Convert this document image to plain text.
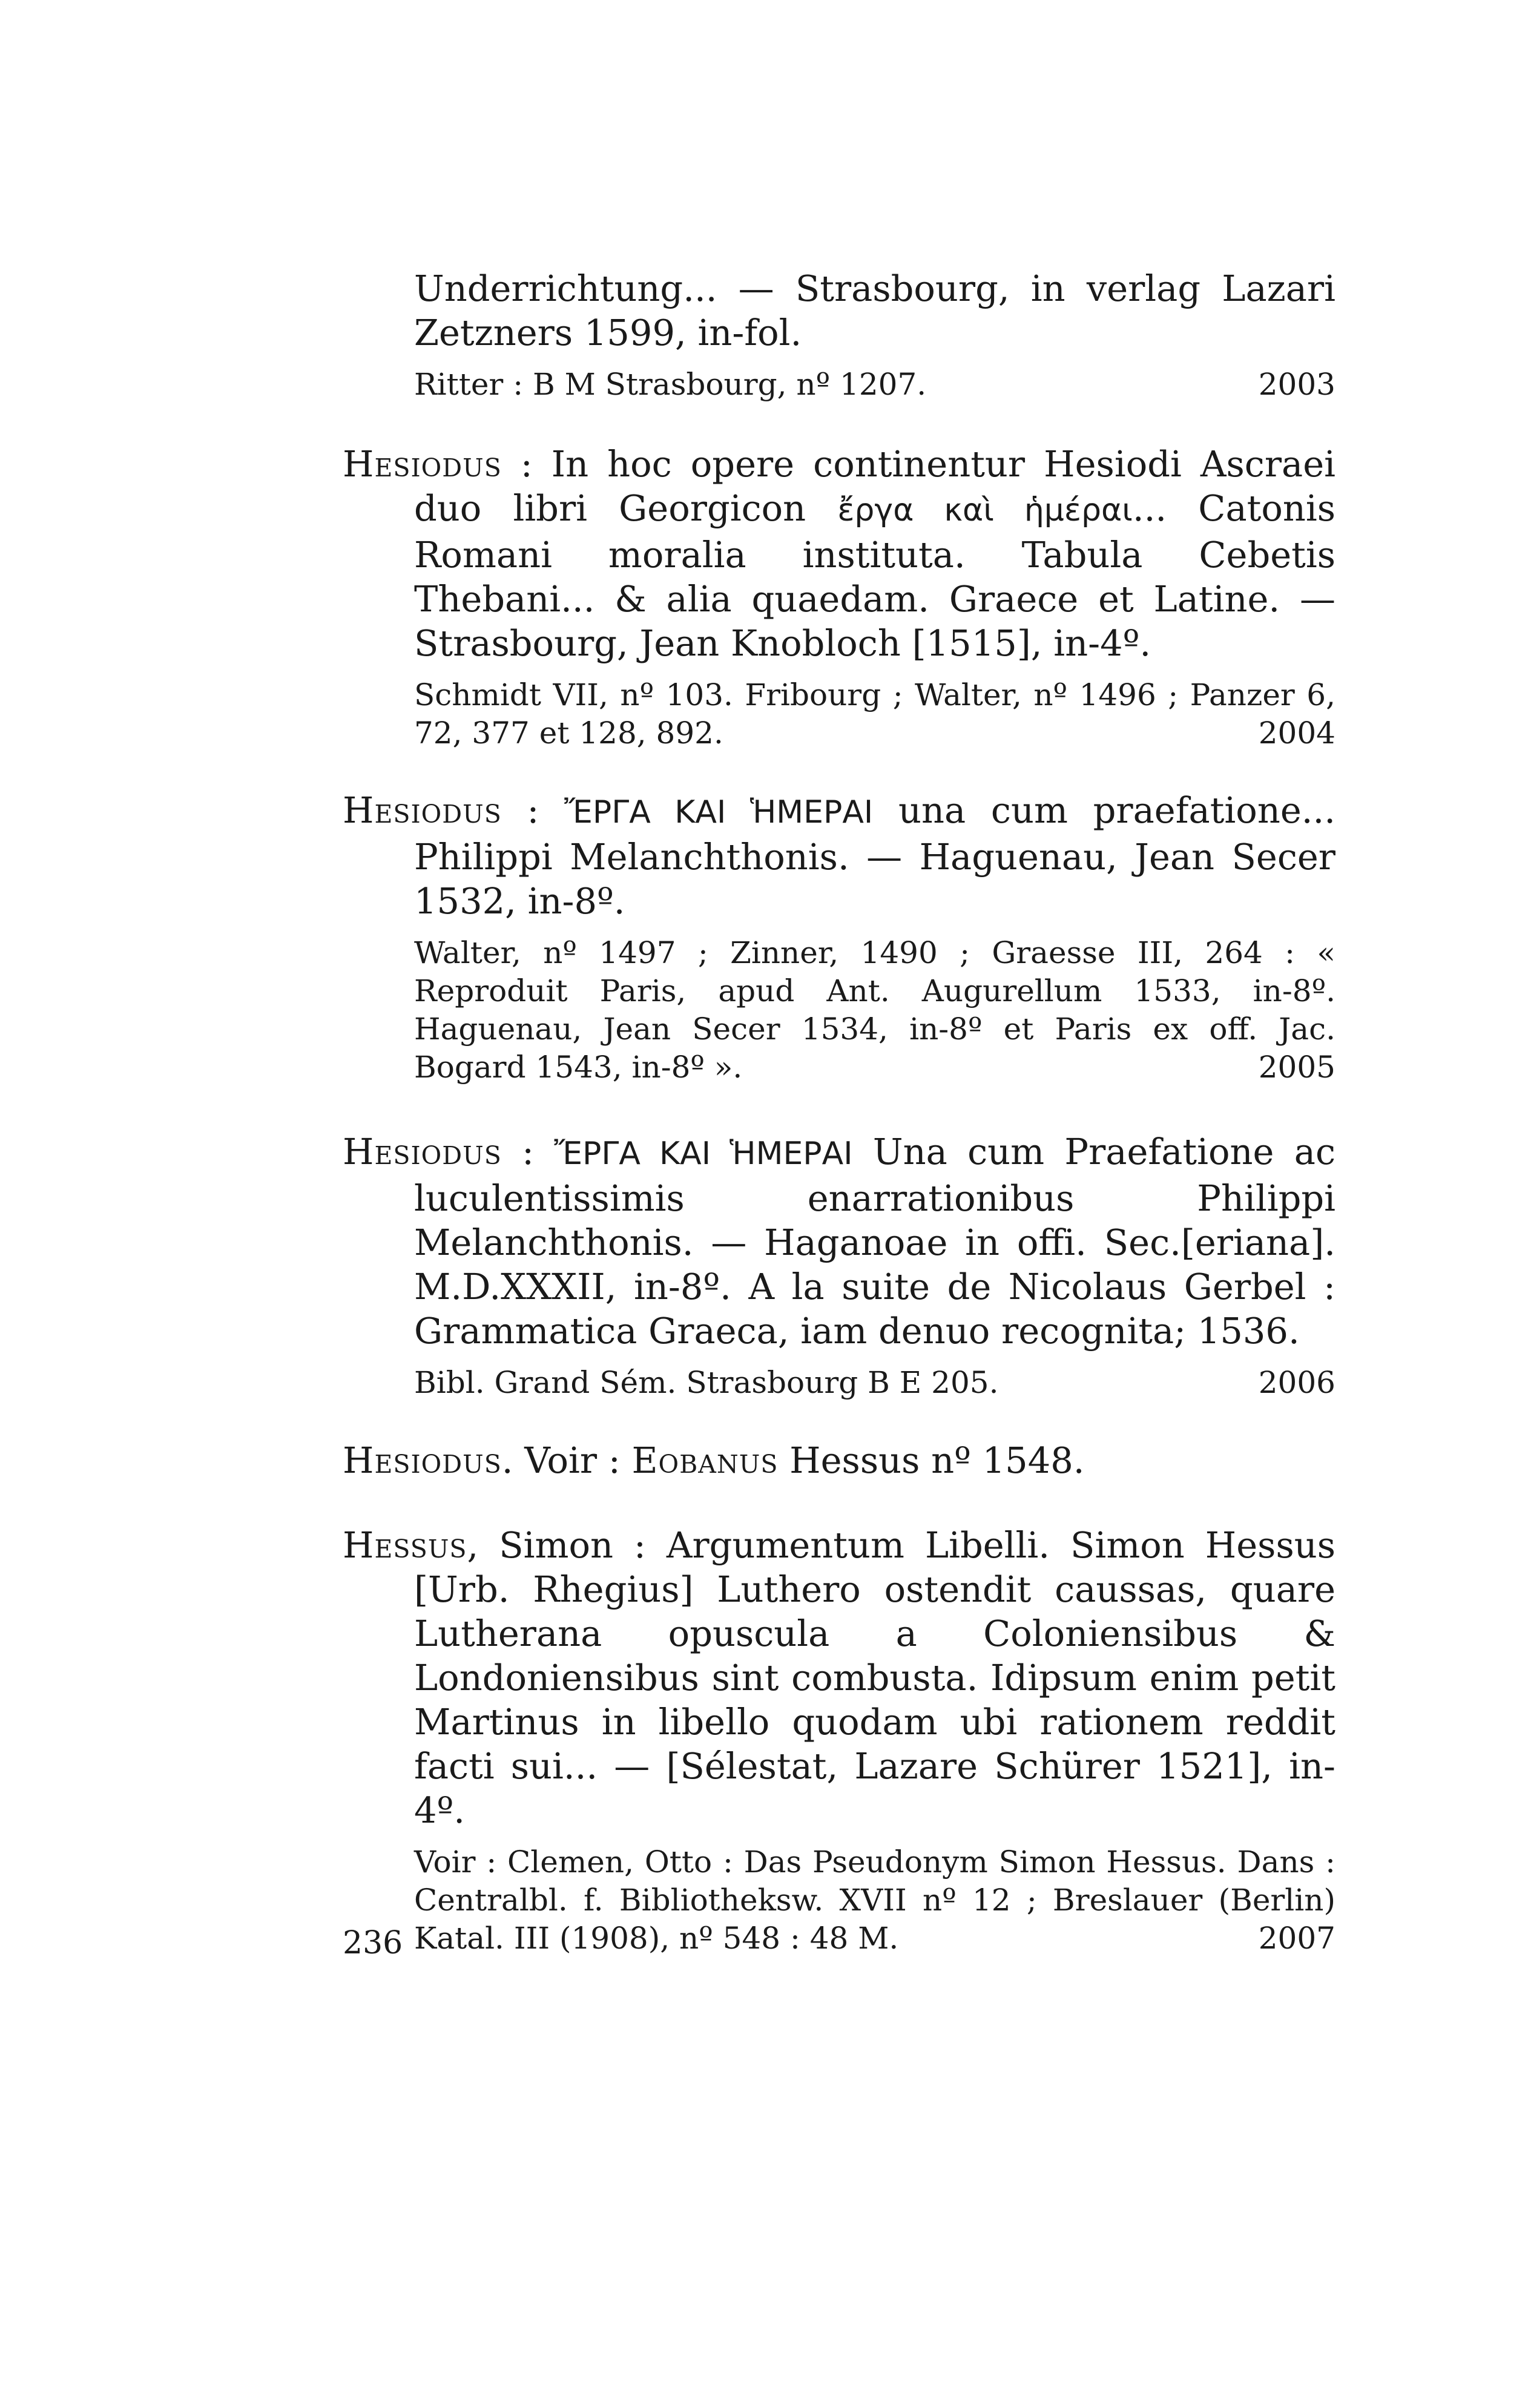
Underrichtung... — Strasbourg, in verlag Lazari Zetzners 1599, in-fol.

Ritter : B M Strasbourg, nº 1207.	2003

Hesiodus : In hoc opere continentur Hesiodi Ascraei duo libri Georgicon ἔργα καὶ ἡμέραι... Catonis Romani moralia instituta. Tabula Cebetis Thebani... & alia quaedam. Graece et Latine. — Strasbourg, Jean Knobloch [1515], in-4º.

Schmidt VII, nº 103. Fribourg ; Walter, nº 1496 ; Panzer 6, 72, 377 et 128, 892.	2004

Hesiodus : ἜΡΓΑ ΚΑΙ ἩΜΕΡΑΙ una cum praefatione... Philippi Melanchthonis. — Haguenau, Jean Secer 1532, in-8º.

Walter, nº 1497 ; Zinner, 1490 ; Graesse III, 264 : « Reproduit Paris, apud Ant. Augurellum 1533, in-8º. Haguenau, Jean Secer 1534, in-8º et Paris ex off. Jac. Bogard 1543, in-8º ».	2005

Hesiodus : ἜΡΓΑ ΚΑΙ ἩΜΕΡΑΙ Una cum Praefatione ac luculentissimis enarrationibus Philippi Melanchthonis. — Haganoae in offi. Sec.[eriana]. M.D.XXXII, in-8º. A la suite de Nicolaus Gerbel : Grammatica Graeca, iam denuo recognita; 1536.

Bibl. Grand Sém. Strasbourg B E 205.	2006

Hesiodus. Voir : Eobanus Hessus nº 1548.

Hessus, Simon : Argumentum Libelli. Simon Hessus [Urb. Rhegius] Luthero ostendit caussas, quare Lutherana opuscula a Coloniensibus & Londoniensibus sint combusta. Idipsum enim petit Martinus in libello quodam ubi rationem reddit facti sui... — [Sélestat, Lazare Schürer 1521], in-4º.

Voir : Clemen, Otto : Das Pseudonym Simon Hessus. Dans : Centralbl. f. Bibliotheksw. XVII nº 12 ; Breslauer (Berlin) Katal. III (1908), nº 548 : 48 M.	2007

236
